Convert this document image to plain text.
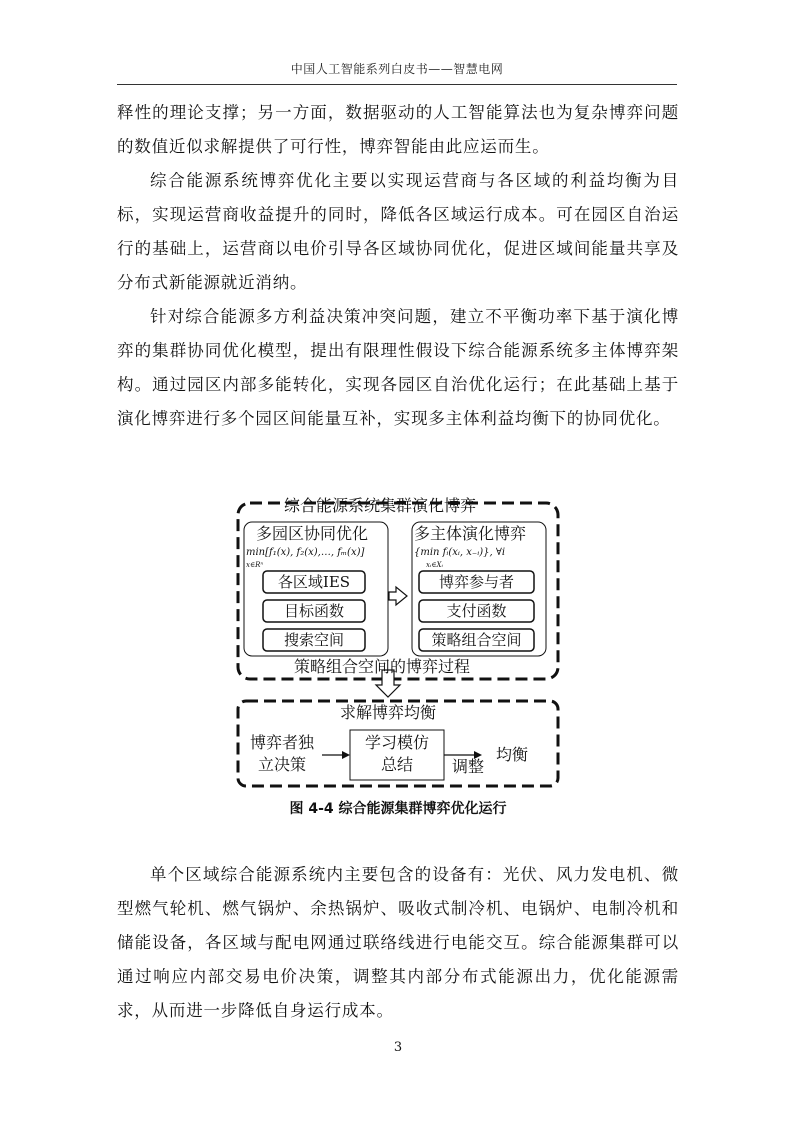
中国人工智能系列白皮书——智慧电网

释性的理论支撑；另一方面，数据驱动的人工智能算法也为复杂博弈问题的数值近似求解提供了可行性，博弈智能由此应运而生。

综合能源系统博弈优化主要以实现运营商与各区域的利益均衡为目标，实现运营商收益提升的同时，降低各区域运行成本。可在园区自治运行的基础上，运营商以电价引导各区域协同优化，促进区域间能量共享及分布式新能源就近消纳。

针对综合能源多方利益决策冲突问题，建立不平衡功率下基于演化博弈的集群协同优化模型，提出有限理性假设下综合能源系统多主体博弈架构。通过园区内部多能转化，实现各园区自治优化运行；在此基础上基于演化博弈进行多个园区间能量互补，实现多主体利益均衡下的协同优化。

综合能源系统集群演化博弈
多园区协同优化
min[f₁(x), f₂(x),…, fₘ(x)]
x∈Rⁿ
各区域IES
目标函数
搜索空间
多主体演化博弈
{min fᵢ(xᵢ, x₋ᵢ)}, ∀i
xᵢ∈Xᵢ
博弈参与者
支付函数
策略组合空间
策略组合空间的博弈过程
求解博弈均衡
博弈者独
立决策
学习模仿
总结	调整
均衡
图 4-4 综合能源集群博弈优化运行

单个区域综合能源系统内主要包含的设备有：光伏、风力发电机、微型燃气轮机、燃气锅炉、余热锅炉、吸收式制冷机、电锅炉、电制冷机和储能设备，各区域与配电网通过联络线进行电能交互。综合能源集群可以通过响应内部交易电价决策，调整其内部分布式能源出力，优化能源需求，从而进一步降低自身运行成本。

3
